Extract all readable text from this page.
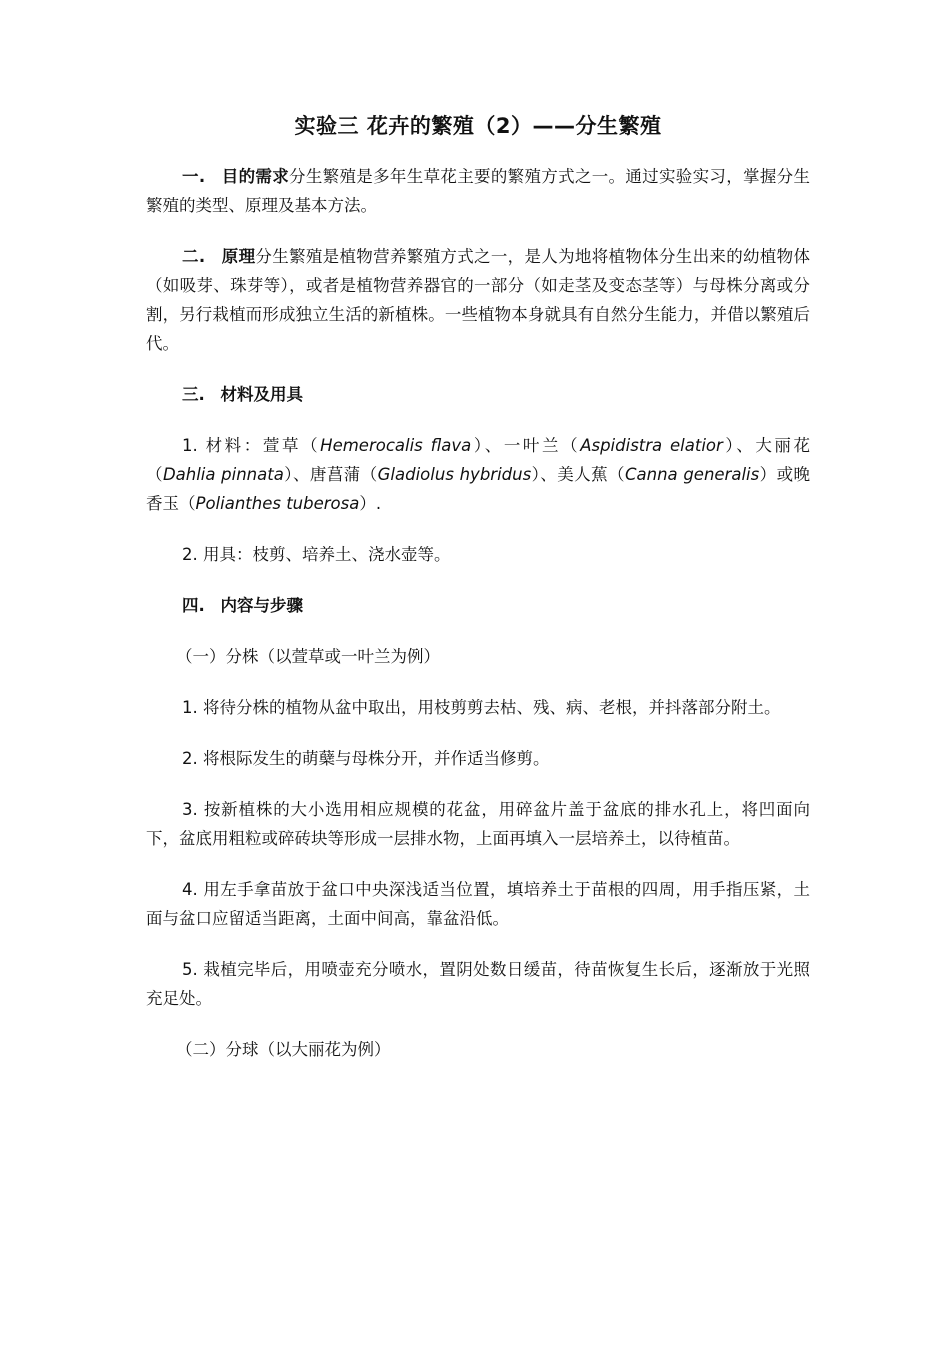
实验三 花卉的繁殖（2）——分生繁殖

一. 目的需求分生繁殖是多年生草花主要的繁殖方式之一。通过实验实习，掌握分生繁殖的类型、原理及基本方法。

二. 原理分生繁殖是植物营养繁殖方式之一，是人为地将植物体分生出来的幼植物体（如吸芽、珠芽等），或者是植物营养器官的一部分（如走茎及变态茎等）与母株分离或分割，另行栽植而形成独立生活的新植株。一些植物本身就具有自然分生能力，并借以繁殖后代。

三. 材料及用具

1. 材料：萱草（Hemerocalis flava）、一叶兰（Aspidistra elatior）、大丽花（Dahlia pinnata）、唐菖蒲（Gladiolus hybridus）、美人蕉（Canna generalis）或晚香玉（Polianthes tuberosa）.

2. 用具：枝剪、培养土、浇水壶等。

四. 内容与步骤

（一）分株（以萱草或一叶兰为例）

1. 将待分株的植物从盆中取出，用枝剪剪去枯、残、病、老根，并抖落部分附土。

2. 将根际发生的萌蘖与母株分开，并作适当修剪。

3. 按新植株的大小选用相应规模的花盆，用碎盆片盖于盆底的排水孔上，将凹面向下，盆底用粗粒或碎砖块等形成一层排水物，上面再填入一层培养土，以待植苗。

4. 用左手拿苗放于盆口中央深浅适当位置，填培养土于苗根的四周，用手指压紧，土面与盆口应留适当距离，土面中间高，靠盆沿低。

5. 栽植完毕后，用喷壶充分喷水，置阴处数日缓苗，待苗恢复生长后，逐渐放于光照充足处。

（二）分球（以大丽花为例）
